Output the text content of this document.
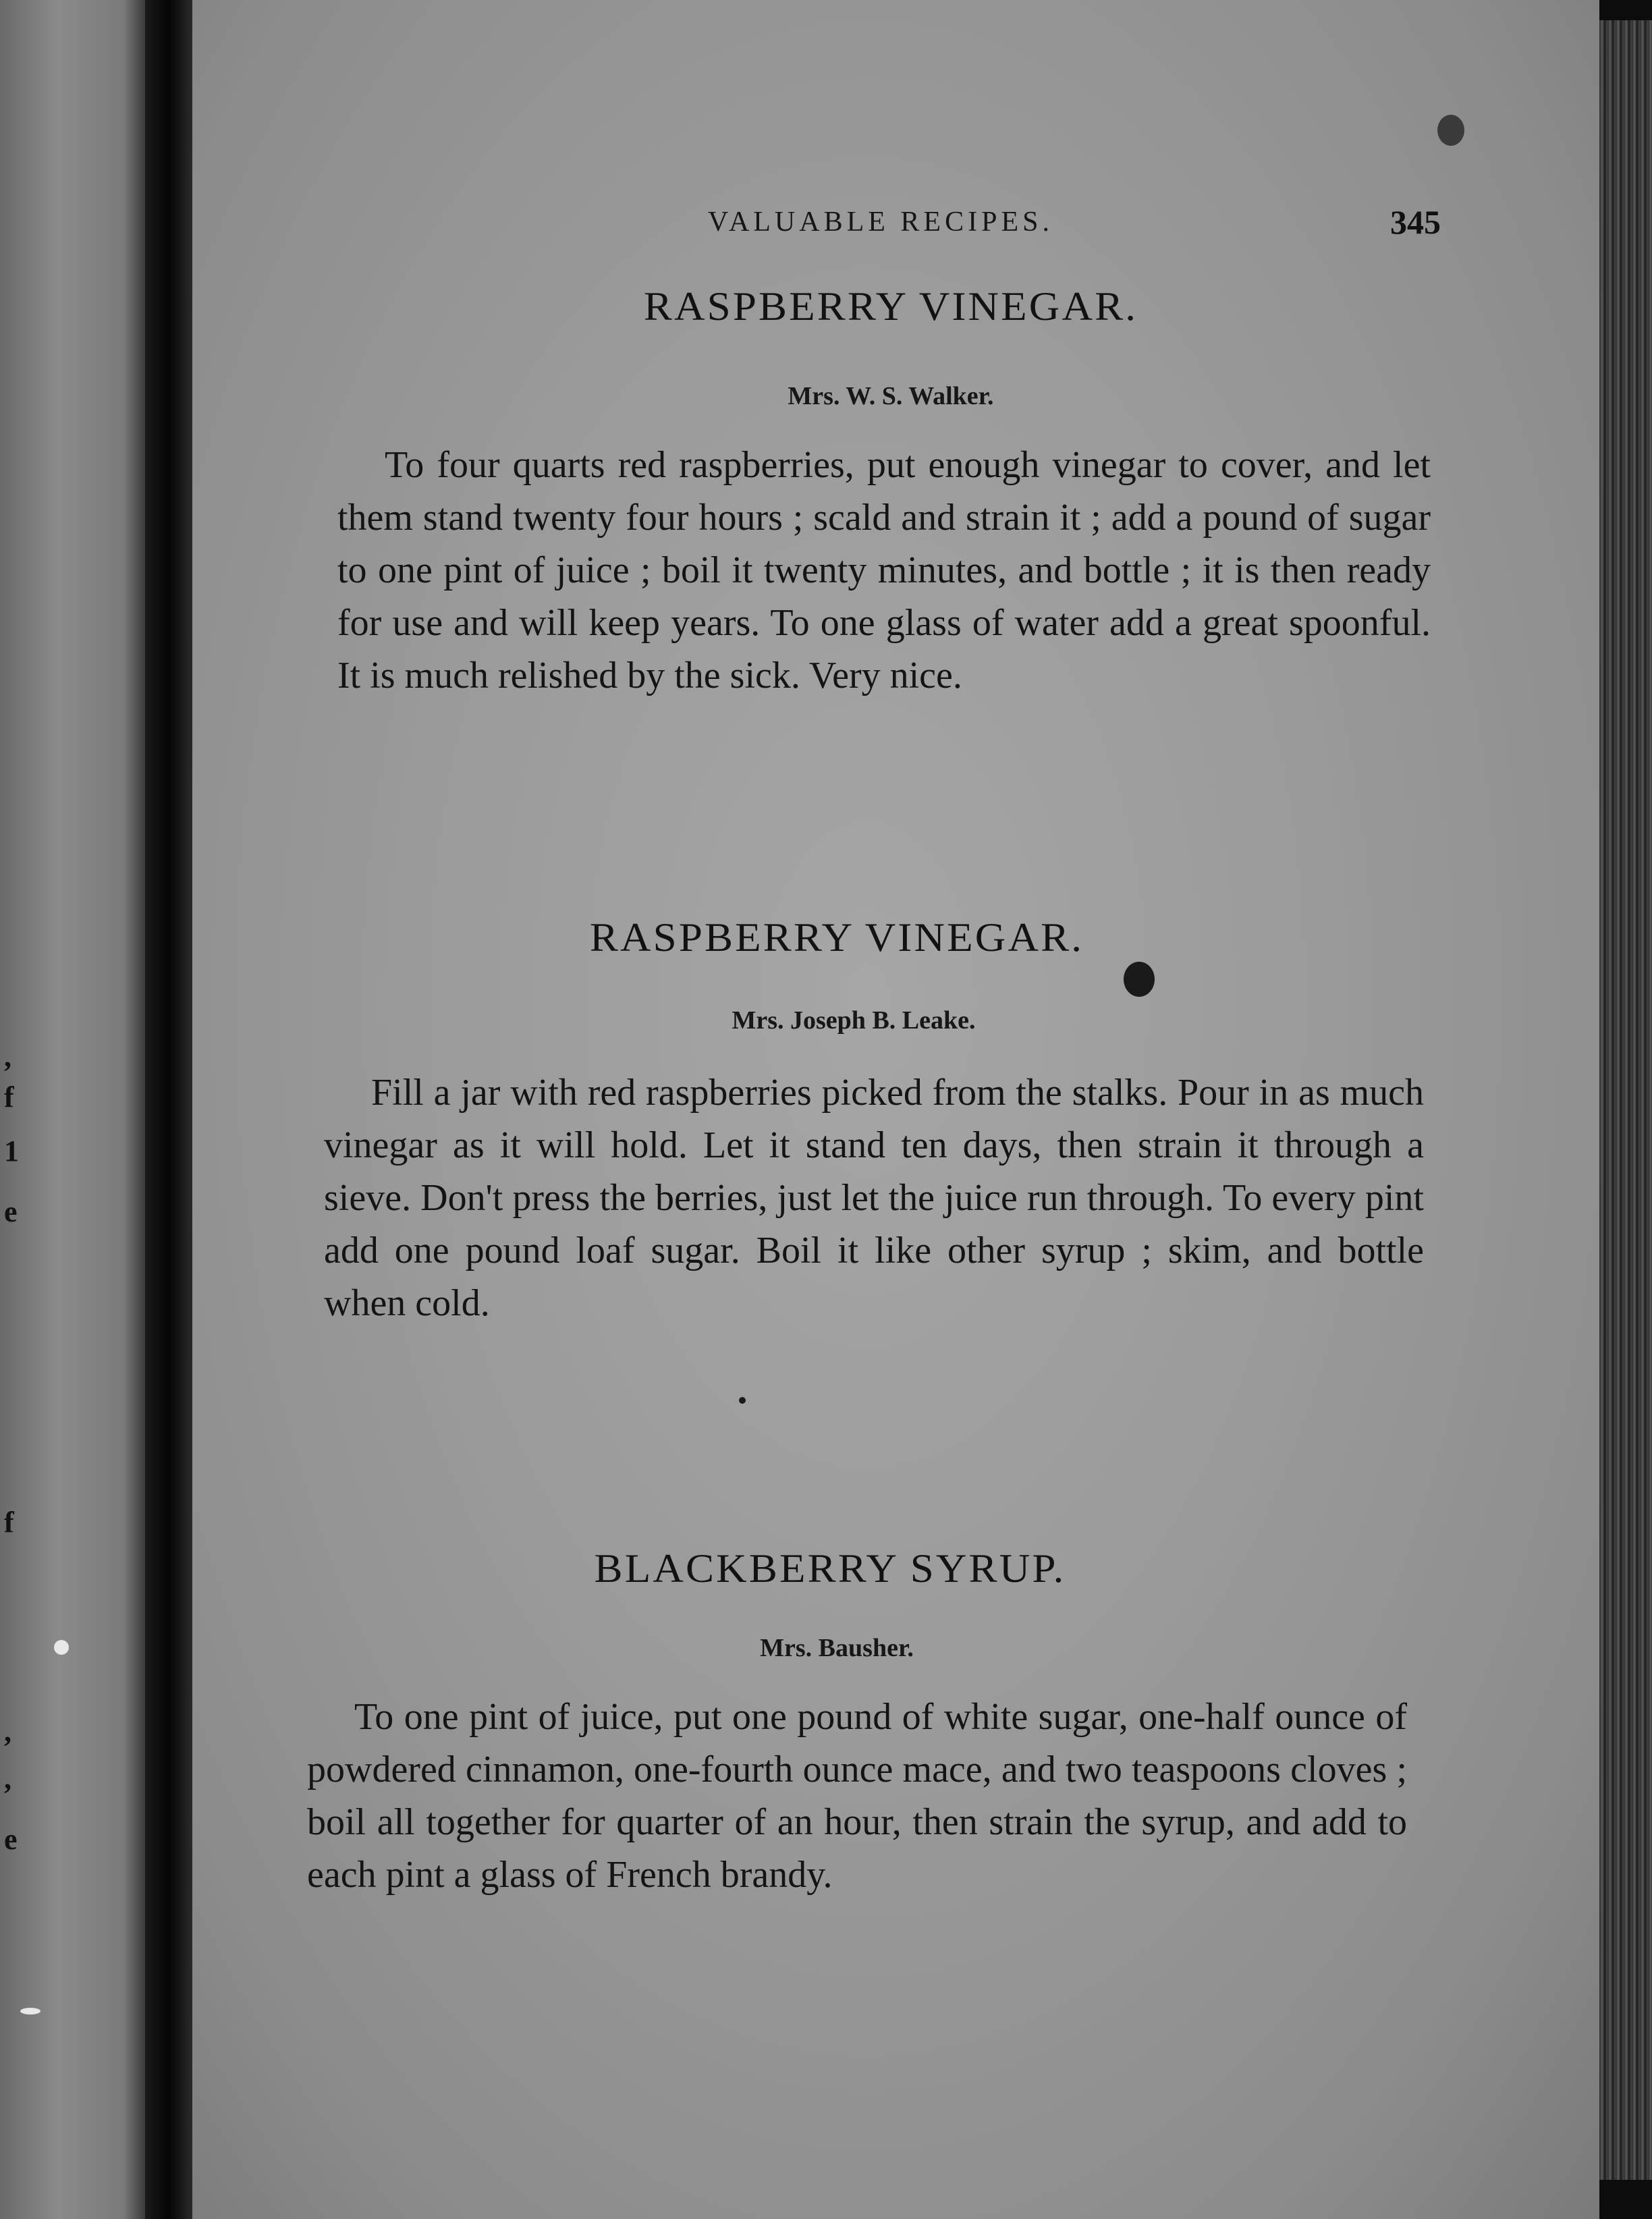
,
f
1
e
f
,
,
e
VALUABLE RECIPES.	345
RASPBERRY VINEGAR.
Mrs. W. S. Walker.
To four quarts red raspberries, put enough vinegar to cover, and let them stand twenty four hours ; scald and strain it ; add a pound of sugar to one pint of juice ; boil it twenty minutes, and bottle ; it is then ready for use and will keep years. To one glass of water add a great spoonful. It is much relished by the sick. Very nice.
RASPBERRY VINEGAR.
Mrs. Joseph B. Leake.
Fill a jar with red raspberries picked from the stalks. Pour in as much vinegar as it will hold. Let it stand ten days, then strain it through a sieve. Don't press the berries, just let the juice run through. To every pint add one pound loaf sugar. Boil it like other syrup ; skim, and bottle when cold.
BLACKBERRY SYRUP.
Mrs. Bausher.
To one pint of juice, put one pound of white sugar, one-half ounce of powdered cinnamon, one-fourth ounce mace, and two teaspoons cloves ; boil all together for quarter of an hour, then strain the syrup, and add to each pint a glass of French brandy.
